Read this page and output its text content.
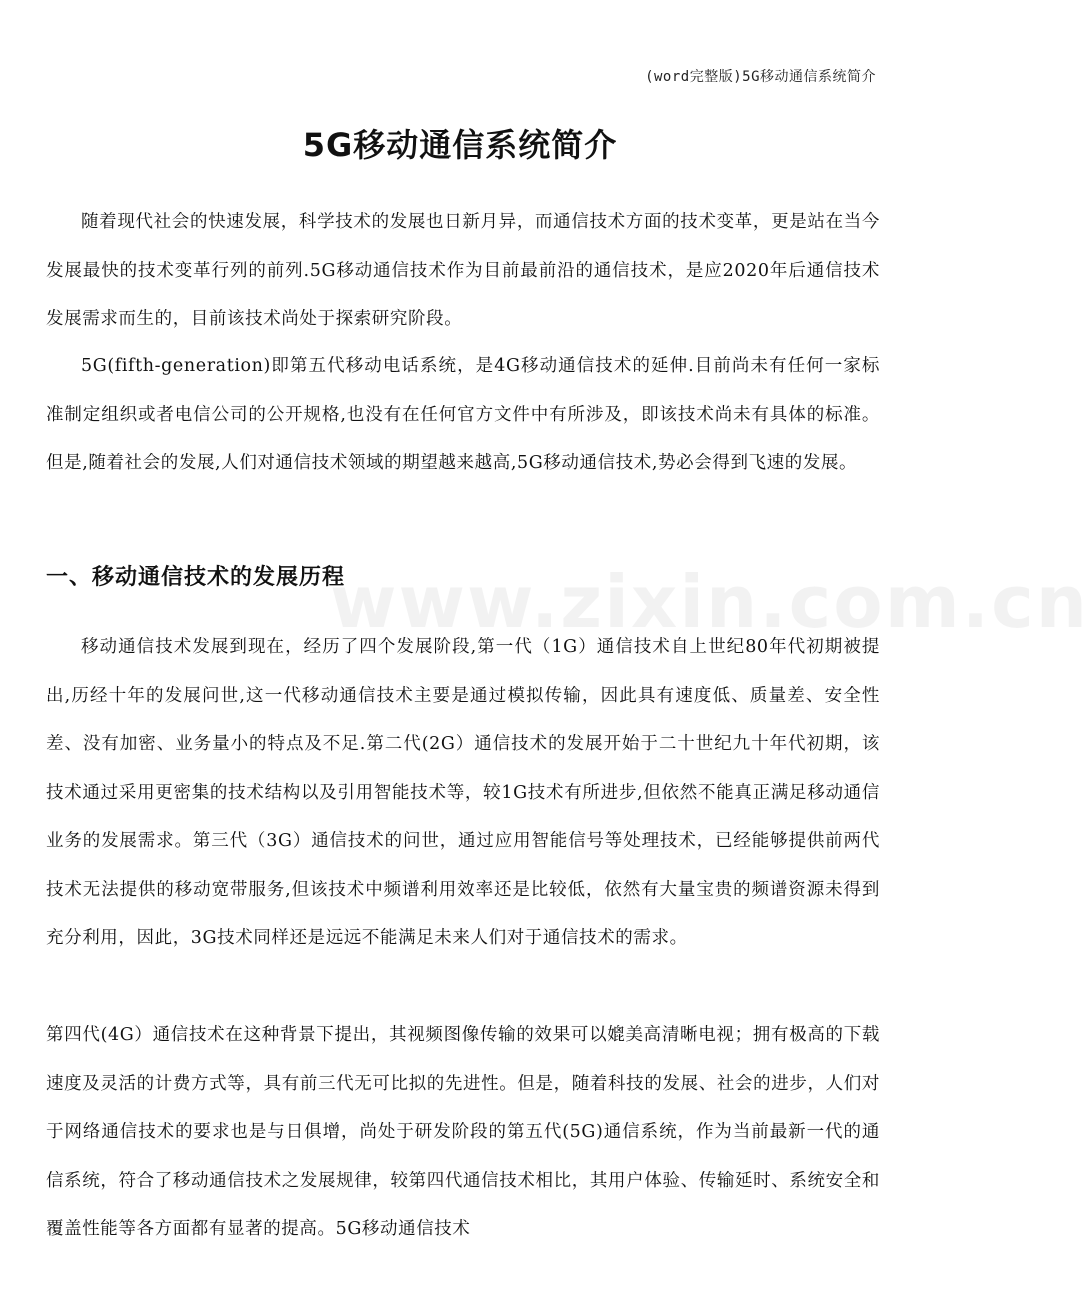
(word完整版)5G移动通信系统简介
5G移动通信系统简介

随着现代社会的快速发展，科学技术的发展也日新月异，而通信技术方面的技术变革，更是站在当今发展最快的技术变革行列的前列.5G移动通信技术作为目前最前沿的通信技术，是应2020年后通信技术发展需求而生的，目前该技术尚处于探索研究阶段。

5G(fifth-generation)即第五代移动电话系统，是4G移动通信技术的延伸.目前尚未有任何一家标准制定组织或者电信公司的公开规格,也没有在任何官方文件中有所涉及，即该技术尚未有具体的标准。但是,随着社会的发展,人们对通信技术领域的期望越来越高,5G移动通信技术,势必会得到飞速的发展。

一、移动通信技术的发展历程
www.zixin.com.cn

移动通信技术发展到现在，经历了四个发展阶段,第一代（1G）通信技术自上世纪80年代初期被提出,历经十年的发展问世,这一代移动通信技术主要是通过模拟传输，因此具有速度低、质量差、安全性差、没有加密、业务量小的特点及不足.第二代(2G）通信技术的发展开始于二十世纪九十年代初期，该技术通过采用更密集的技术结构以及引用智能技术等，较1G技术有所进步,但依然不能真正满足移动通信业务的发展需求。第三代（3G）通信技术的问世，通过应用智能信号等处理技术，已经能够提供前两代技术无法提供的移动宽带服务,但该技术中频谱利用效率还是比较低，依然有大量宝贵的频谱资源未得到充分利用，因此，3G技术同样还是远远不能满足未来人们对于通信技术的需求。

第四代(4G）通信技术在这种背景下提出，其视频图像传输的效果可以媲美高清晰电视；拥有极高的下载速度及灵活的计费方式等，具有前三代无可比拟的先进性。但是，随着科技的发展、社会的进步，人们对于网络通信技术的要求也是与日俱增，尚处于研发阶段的第五代(5G)通信系统，作为当前最新一代的通信系统，符合了移动通信技术之发展规律，较第四代通信技术相比，其用户体验、传输延时、系统安全和覆盖性能等各方面都有显著的提高。5G移动通信技术
